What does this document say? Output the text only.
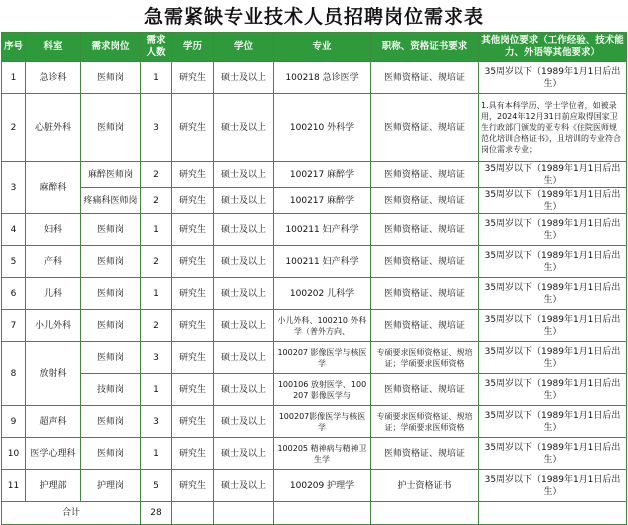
急需紧缺专业技术人员招聘岗位需求表
序号	科室	需求岗位	需求人数	学历	学位	专业	职称、资格证书要求	其他岗位要求（工作经验、技术能力、外语等其他要求）
1	急诊科	医师岗	1	研究生	硕士及以上	100218 急诊医学	医师资格证、规培证	35周岁以下（1989年1月1日后出生）
2	心脏外科	医师岗	3	研究生	硕士及以上	100210 外科学	医师资格证、规培证	1.具有本科学历、学士学位者，如被录用，2024年12月31日前应取得国家卫生行政部门颁发的亚专科《住院医师规范化培训合格证书》，且培训的专业符合岗位需求专业；
3	麻醉科	麻醉医师岗	2	研究生	硕士及以上	100217 麻醉学	医师资格证、规培证	35周岁以下（1989年1月1日后出生）
		疼痛科医师岗	2	研究生	硕士及以上	100217 麻醉学	医师资格证、规培证	35周岁以下（1989年1月1日后出生）
4	妇科	医师岗	1	研究生	硕士及以上	100211 妇产科学	医师资格证、规培证	35周岁以下（1989年1月1日后出生）
5	产科	医师岗	2	研究生	硕士及以上	100211 妇产科学	医师资格证、规培证	35周岁以下（1989年1月1日后出生）
6	儿科	医师岗	1	研究生	硕士及以上	100202 儿科学	医师资格证、规培证	35周岁以下（1989年1月1日后出生）
7	小儿外科	医师岗	2	研究生	硕士及以上	小儿外科、100210 外科学（普外方向、	医师资格证、规培证	35周岁以下（1989年1月1日后出生）
8	放射科	医师岗	3	研究生	硕士及以上	100207 影像医学与核医学	专硕要求医师资格证、规培证；学硕要求医师资格	35周岁以下（1989年1月1日后出生）
		技师岗	1	研究生	硕士及以上	100106 放射医学、100207 影像医学与	医师资格证、规培证	35周岁以下（1989年1月1日后出生）
9	超声科	医师岗	3	研究生	硕士及以上	100207影像医学与核医学	专硕要求医师资格证、规培证；学硕要求医师资格	35周岁以下（1989年1月1日后出生）
10	医学心理科	医师岗	1	研究生	硕士及以上	100205 精神病与精神卫生学	医师资格证、规培证	35周岁以下（1989年1月1日后出生）
11	护理部	护理岗	5	研究生	硕士及以上	100209 护理学	护士资格证书	35周岁以下（1989年1月1日后出生）
合计			28					
